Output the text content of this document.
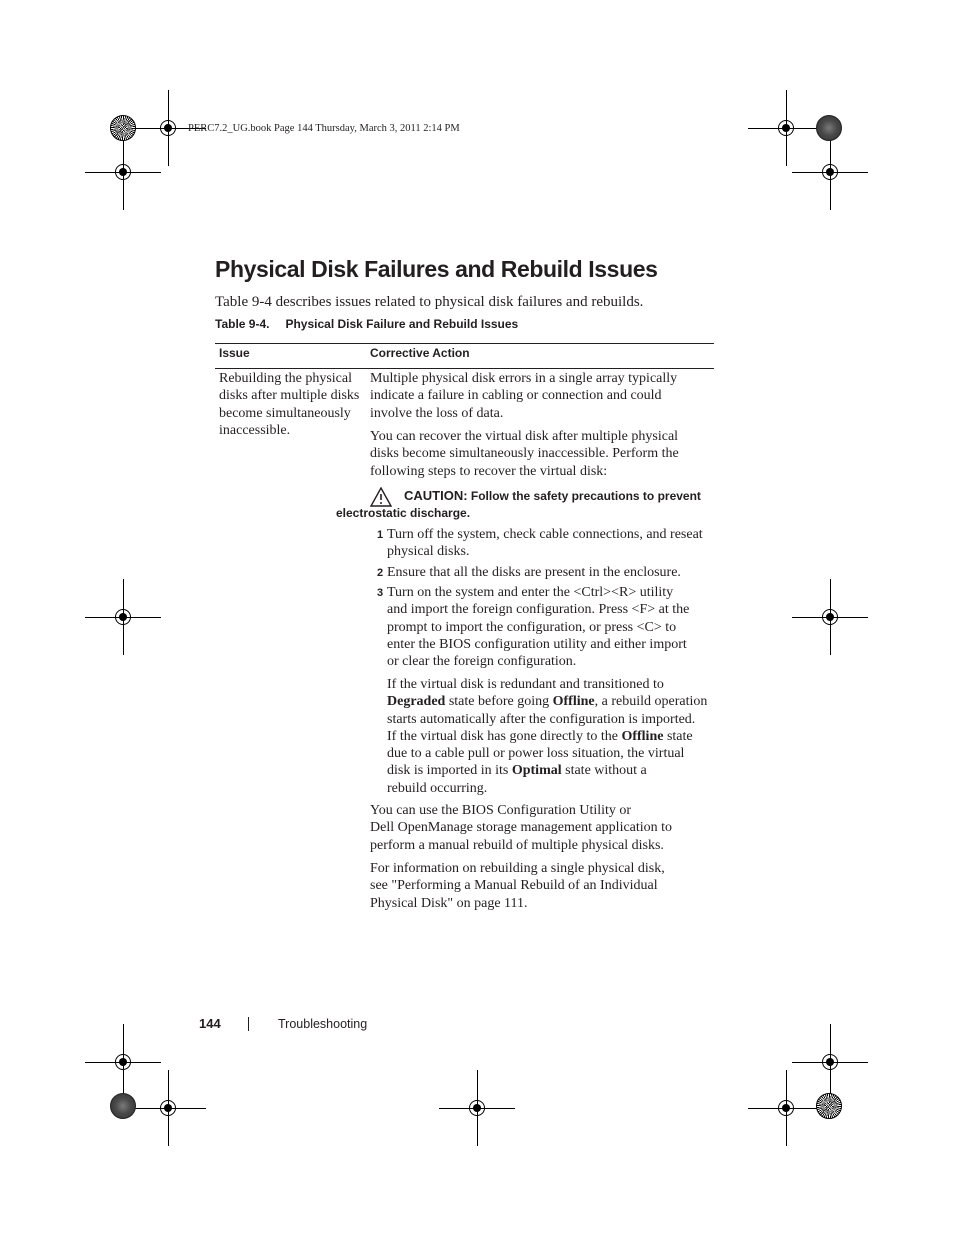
PERC7.2_UG.book Page 144 Thursday, March 3, 2011 2:14 PM
Physical Disk Failures and Rebuild Issues
Table 9-4 describes issues related to physical disk failures and rebuilds.
Table 9-4. Physical Disk Failure and Rebuild Issues
Issue	Corrective Action
Rebuilding the physical
disks after multiple disks
become simultaneously
inaccessible.
Multiple physical disk errors in a single array typically
indicate a failure in cabling or connection and could
involve the loss of data.
You can recover the virtual disk after multiple physical
disks become simultaneously inaccessible. Perform the
following steps to recover the virtual disk:
CAUTION: Follow the safety precautions to prevent
electrostatic discharge.
1 Turn off the system, check cable connections, and reseat
physical disks.
2 Ensure that all the disks are present in the enclosure.
3 Turn on the system and enter the <Ctrl><R> utility
and import the foreign configuration. Press <F> at the
prompt to import the configuration, or press <C> to
enter the BIOS configuration utility and either import
or clear the foreign configuration.
If the virtual disk is redundant and transitioned to
Degraded state before going Offline, a rebuild operation
starts automatically after the configuration is imported.
If the virtual disk has gone directly to the Offline state
due to a cable pull or power loss situation, the virtual
disk is imported in its Optimal state without a
rebuild occurring.
You can use the BIOS Configuration Utility or
Dell OpenManage storage management application to
perform a manual rebuild of multiple physical disks.
For information on rebuilding a single physical disk,
see "Performing a Manual Rebuild of an Individual
Physical Disk" on page 111.
144	Troubleshooting
